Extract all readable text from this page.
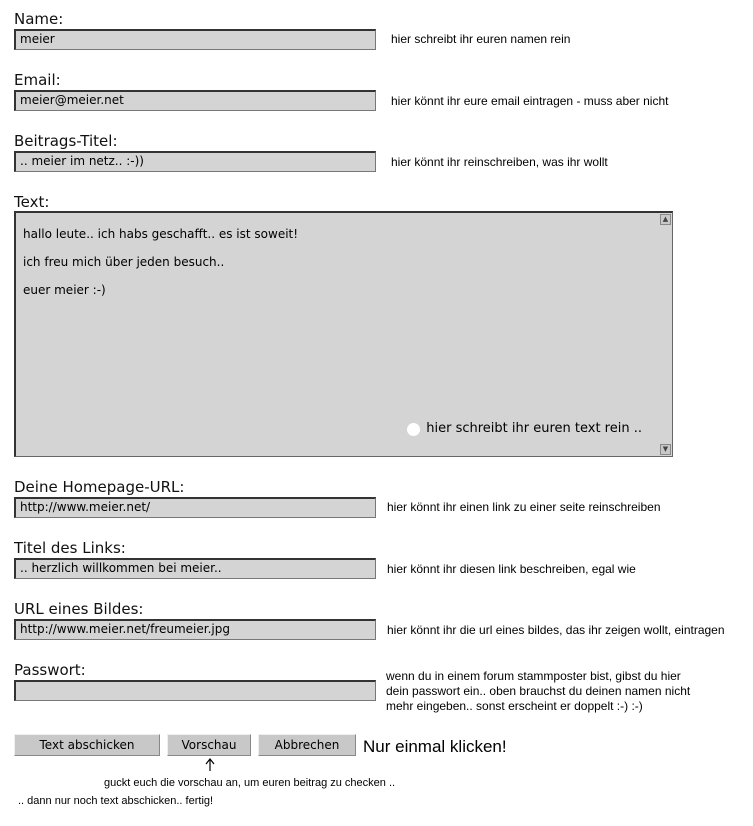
Name:
meier	hier schreibt ihr euren namen rein
Email:
meier@meier.net	hier könnt ihr eure email eintragen - muss aber nicht
Beitrags-Titel:
.. meier im netz.. :-))	hier könnt ihr reinschreiben, was ihr wollt
Text:
hallo leute.. ich habs geschafft.. es ist soweit!
ich freu mich über jeden besuch..
euer meier :-)
▲
▼
hier schreibt ihr euren text rein ..
Deine Homepage-URL:
http://www.meier.net/	hier könnt ihr einen link zu einer seite reinschreiben
Titel des Links:
.. herzlich willkommen bei meier..	hier könnt ihr diesen link beschreiben, egal wie
URL eines Bildes:
http://www.meier.net/freumeier.jpg	hier könnt ihr die url eines bildes, das ihr zeigen wollt, eintragen
Passwort:	wenn du in einem forum stammposter bist, gibst du hier
dein passwort ein.. oben brauchst du deinen namen nicht
mehr eingeben.. sonst erscheint er doppelt :-) :-)
Text abschicken	Vorschau	Abbrechen	Nur einmal klicken!
guckt euch die vorschau an, um euren beitrag zu checken ..
.. dann nur noch text abschicken.. fertig!
